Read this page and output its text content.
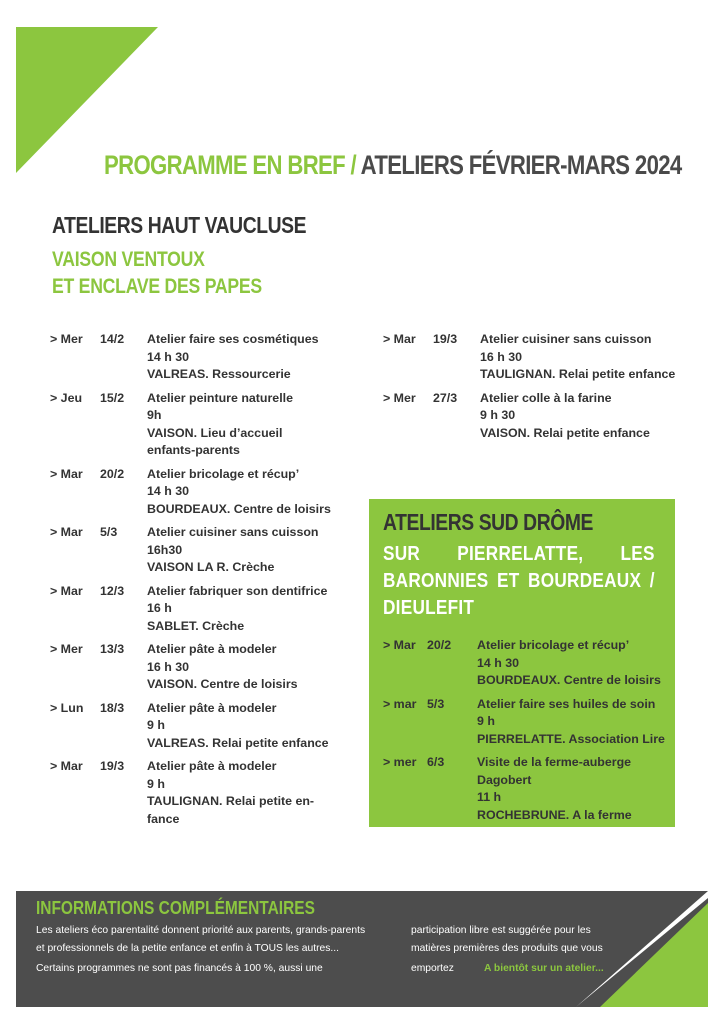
PROGRAMME EN BREF / ATELIERS FÉVRIER-MARS 2024
ATELIERS HAUT VAUCLUSE
VAISON VENTOUX
ET ENCLAVE DES PAPES
> Mer	14/2	Atelier faire ses cosmétiques
14 h 30
VALREAS. Ressourcerie
> Jeu	15/2	Atelier peinture naturelle
9h
VAISON. Lieu d’accueil
enfants-parents
> Mar	20/2	Atelier bricolage et récup’
14 h 30
BOURDEAUX. Centre de loisirs
> Mar	5/3	Atelier cuisiner sans cuisson
16h30
VAISON LA R. Crèche
> Mar	12/3	Atelier fabriquer son dentifrice
16 h
SABLET. Crèche
> Mer	13/3	Atelier pâte à modeler
16 h 30
VAISON. Centre de loisirs
> Lun	18/3	Atelier pâte à modeler
9 h
VALREAS. Relai petite enfance
> Mar	19/3	Atelier pâte à modeler
9 h
TAULIGNAN. Relai petite en-
fance
> Mar	19/3	Atelier cuisiner sans cuisson
16 h 30
TAULIGNAN. Relai petite enfance
> Mer	27/3	Atelier colle à la farine
9 h 30
VAISON. Relai petite enfance
ATELIERS SUD DRÔME
SUR PIERRELATTE, LES BARONNIES ET BOURDEAUX / DIEULEFIT
> Mar 20/2	Atelier bricolage et récup’
14 h 30
BOURDEAUX. Centre de loisirs
> mar 5/3	Atelier faire ses huiles de soin
9 h
PIERRELATTE. Association Lire
> mer 6/3	Visite de la ferme-auberge
Dagobert
11 h
ROCHEBRUNE. A la ferme
INFORMATIONS COMPLÉMENTAIRES

Les ateliers éco parentalité donnent priorité aux parents, grands-parents
et professionnels de la petite enfance et enfin à TOUS les autres...

Certains programmes ne sont pas financés à 100 %, aussi une

participation libre est suggérée pour les
matières premières des produits que vous

emportez	A bientôt sur un atelier...
